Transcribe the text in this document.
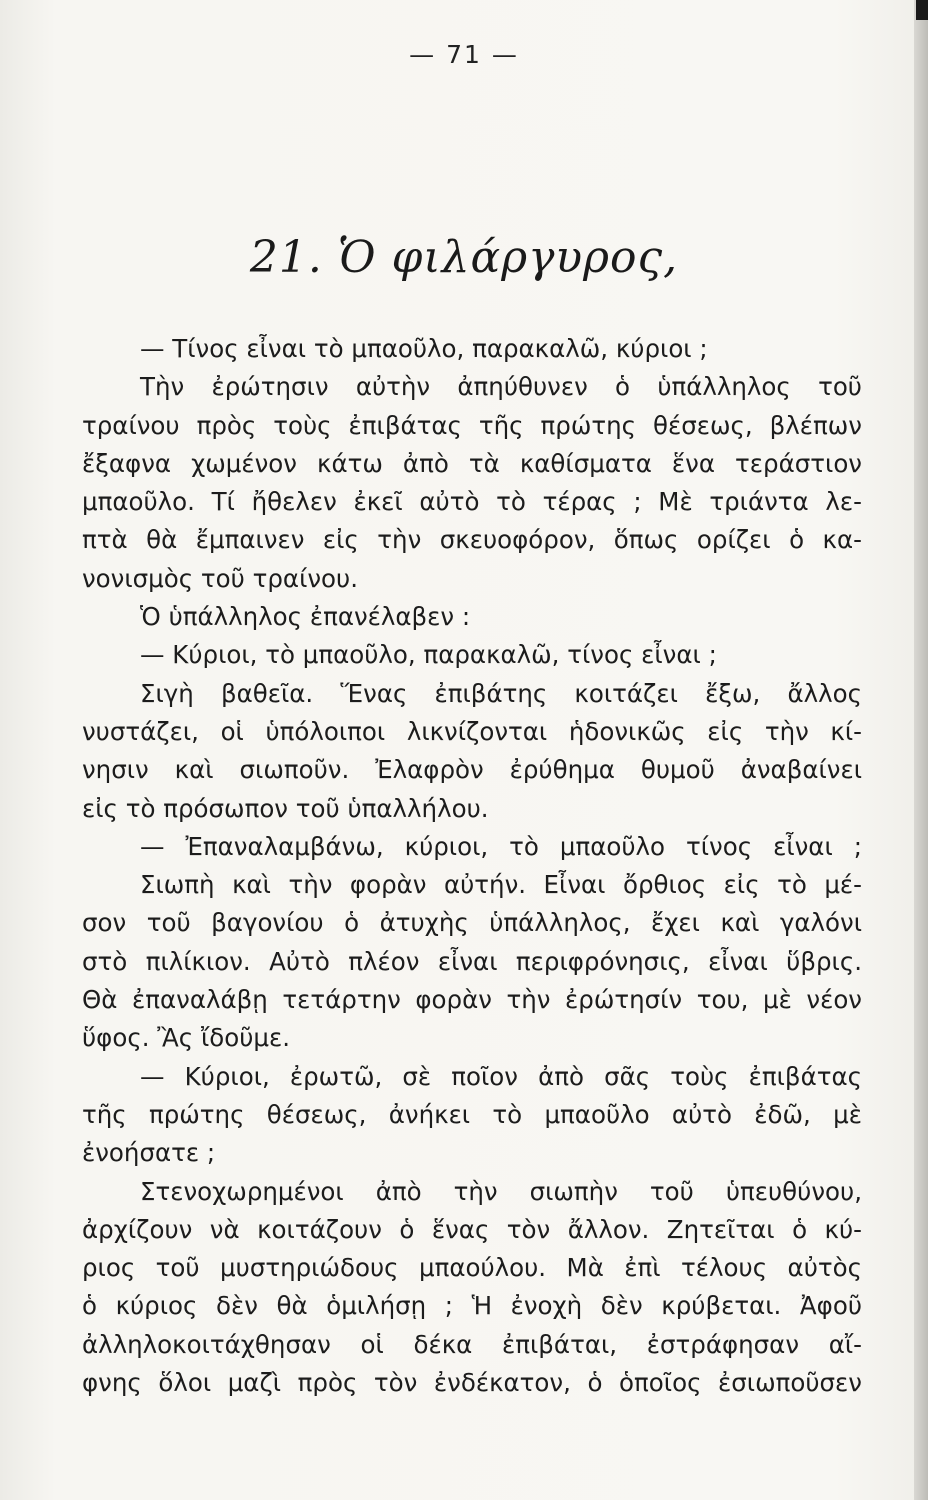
— 71 —
21. Ὁ φιλάργυρος,
— Τίνος εἶναι τὸ μπαοῦλο, παρακαλῶ, κύριοι ;
Τὴν ἐρώτησιν αὐτὴν ἀπηύθυνεν ὁ ὑπάλληλος τοῦ
τραίνου πρὸς τοὺς ἐπιβάτας τῆς πρώτης θέσεως, βλέπων
ἔξαφνα χωμένον κάτω ἀπὸ τὰ καθίσματα ἕνα τεράστιον
μπαοῦλο. Τί ἤθελεν ἐκεῖ αὐτὸ τὸ τέρας ; Μὲ τριάντα λε-
πτὰ θὰ ἔμπαινεν εἰς τὴν σκευοφόρον, ὅπως ορίζει ὁ κα-
νονισμὸς τοῦ τραίνου.
Ὁ ὑπάλληλος ἐπανέλαβεν :
— Κύριοι, τὸ μπαοῦλο, παρακαλῶ, τίνος εἶναι ;
Σιγὴ βαθεῖα. Ἕνας ἐπιβάτης κοιτάζει ἔξω, ἄλλος
νυστάζει, οἱ ὑπόλοιποι λικνίζονται ἡδονικῶς εἰς τὴν κί-
νησιν καὶ σιωποῦν. Ἐλαφρὸν ἐρύθημα θυμοῦ ἀναβαίνει
εἰς τὸ πρόσωπον τοῦ ὑπαλλήλου.
— Ἐπαναλαμβάνω, κύριοι, τὸ μπαοῦλο τίνος εἶναι ;
Σιωπὴ καὶ τὴν φορὰν αὐτήν. Εἶναι ὄρθιος εἰς τὸ μέ-
σον τοῦ βαγονίου ὁ ἀτυχὴς ὑπάλληλος, ἔχει καὶ γαλόνι
στὸ πιλίκιον. Αὐτὸ πλέον εἶναι περιφρόνησις, εἶναι ὕβρις.
Θὰ ἐπαναλάβῃ τετάρτην φορὰν τὴν ἐρώτησίν του, μὲ νέον
ὕφος. Ἂς ἴδοῦμε.
— Κύριοι, ἐρωτῶ, σὲ ποῖον ἀπὸ σᾶς τοὺς ἐπιβάτας
τῆς πρώτης θέσεως, ἀνήκει τὸ μπαοῦλο αὐτὸ ἐδῶ, μὲ
ἐνοήσατε ;
Στενοχωρημένοι ἀπὸ τὴν σιωπὴν τοῦ ὑπευθύνου,
ἀρχίζουν νὰ κοιτάζουν ὁ ἕνας τὸν ἄλλον. Ζητεῖται ὁ κύ-
ριος τοῦ μυστηριώδους μπαούλου. Μὰ ἐπὶ τέλους αὐτὸς
ὁ κύριος δὲν θὰ ὁμιλήσῃ ; Ἡ ἐνοχὴ δὲν κρύβεται. Ἀφοῦ
ἀλληλοκοιτάχθησαν οἱ δέκα ἐπιβάται, ἐστράφησαν αἴ-
φνης ὅλοι μαζὶ πρὸς τὸν ἐνδέκατον, ὁ ὁποῖος ἐσιωποῦσεν
